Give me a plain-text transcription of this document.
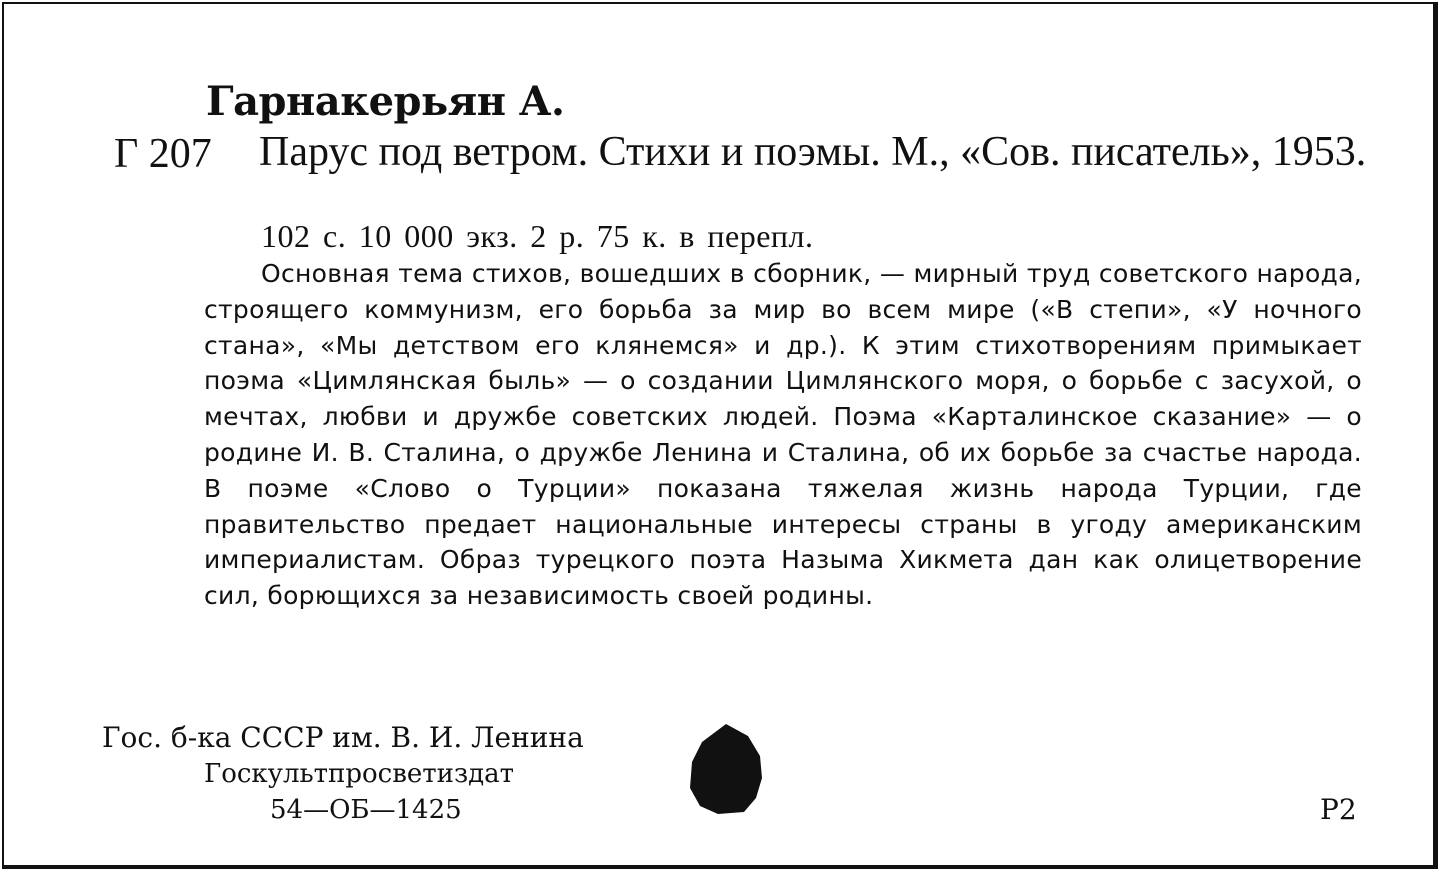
Гарнакерьян А.
Г 207 Парус под ветром. Стихи и поэмы. М., «Сов. писатель», 1953.
102 с. 10 000 экз. 2 р. 75 к. в перепл.

Основная тема стихов, вошедших в сборник, — мирный труд советского народа, строящего коммунизм, его борьба за мир во всем мире («В степи», «У ночного стана», «Мы детством его клянемся» и др.). К этим стихотворениям примыкает поэма «Цимлянская быль» — о создании Цимлянского моря, о борьбе с засухой, о мечтах, любви и дружбе советских людей. Поэма «Карталинское сказание» — о родине И. В. Сталина, о дружбе Ленина и Сталина, об их борьбе за счастье народа. В поэме «Слово о Турции» показана тяжелая жизнь народа Турции, где правительство предает национальные интересы страны в угоду американским империалистам. Образ турецкого поэта Назыма Хикмета дан как олицетворение сил, борющихся за независимость своей родины.

Гос. б-ка СССР им. В. И. Ленина
Госкультпросветиздат
54—ОБ—1425	Р2
